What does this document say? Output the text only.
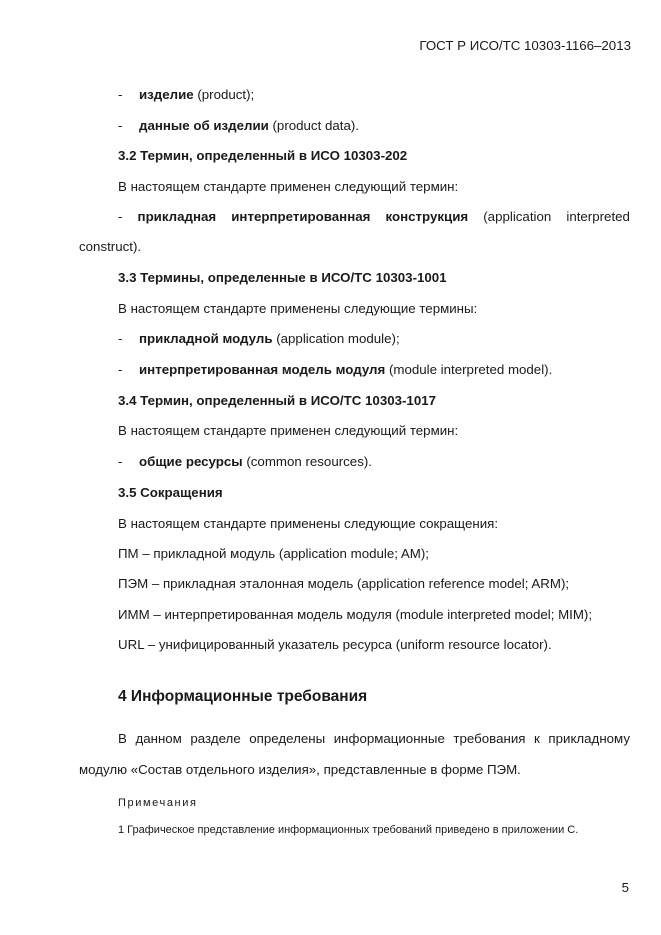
ГОСТ Р ИСО/ТС 10303-1166–2013
- изделие (product);
- данные об изделии (product data).
3.2 Термин, определенный в ИСО 10303-202
В настоящем стандарте применен следующий термин:
- прикладная интерпретированная конструкция (application interpreted
construct).
3.3 Термины, определенные в ИСО/ТС 10303-1001
В настоящем стандарте применены следующие термины:
- прикладной модуль (application module);
- интерпретированная модель модуля (module interpreted model).
3.4 Термин, определенный в ИСО/ТС 10303-1017
В настоящем стандарте применен следующий термин:
- общие ресурсы (common resources).
3.5 Сокращения
В настоящем стандарте применены следующие сокращения:
ПМ – прикладной модуль (application module; AM);
ПЭМ – прикладная эталонная модель (application reference model; ARM);
ИММ – интерпретированная модель модуля (module interpreted model; MIM);
URL – унифицированный указатель ресурса (uniform resource locator).
4 Информационные требования
В данном разделе определены информационные требования к прикладному
модулю «Состав отдельного изделия», представленные в форме ПЭМ.
Примечания
1 Графическое представление информационных требований приведено в приложении С.
5
